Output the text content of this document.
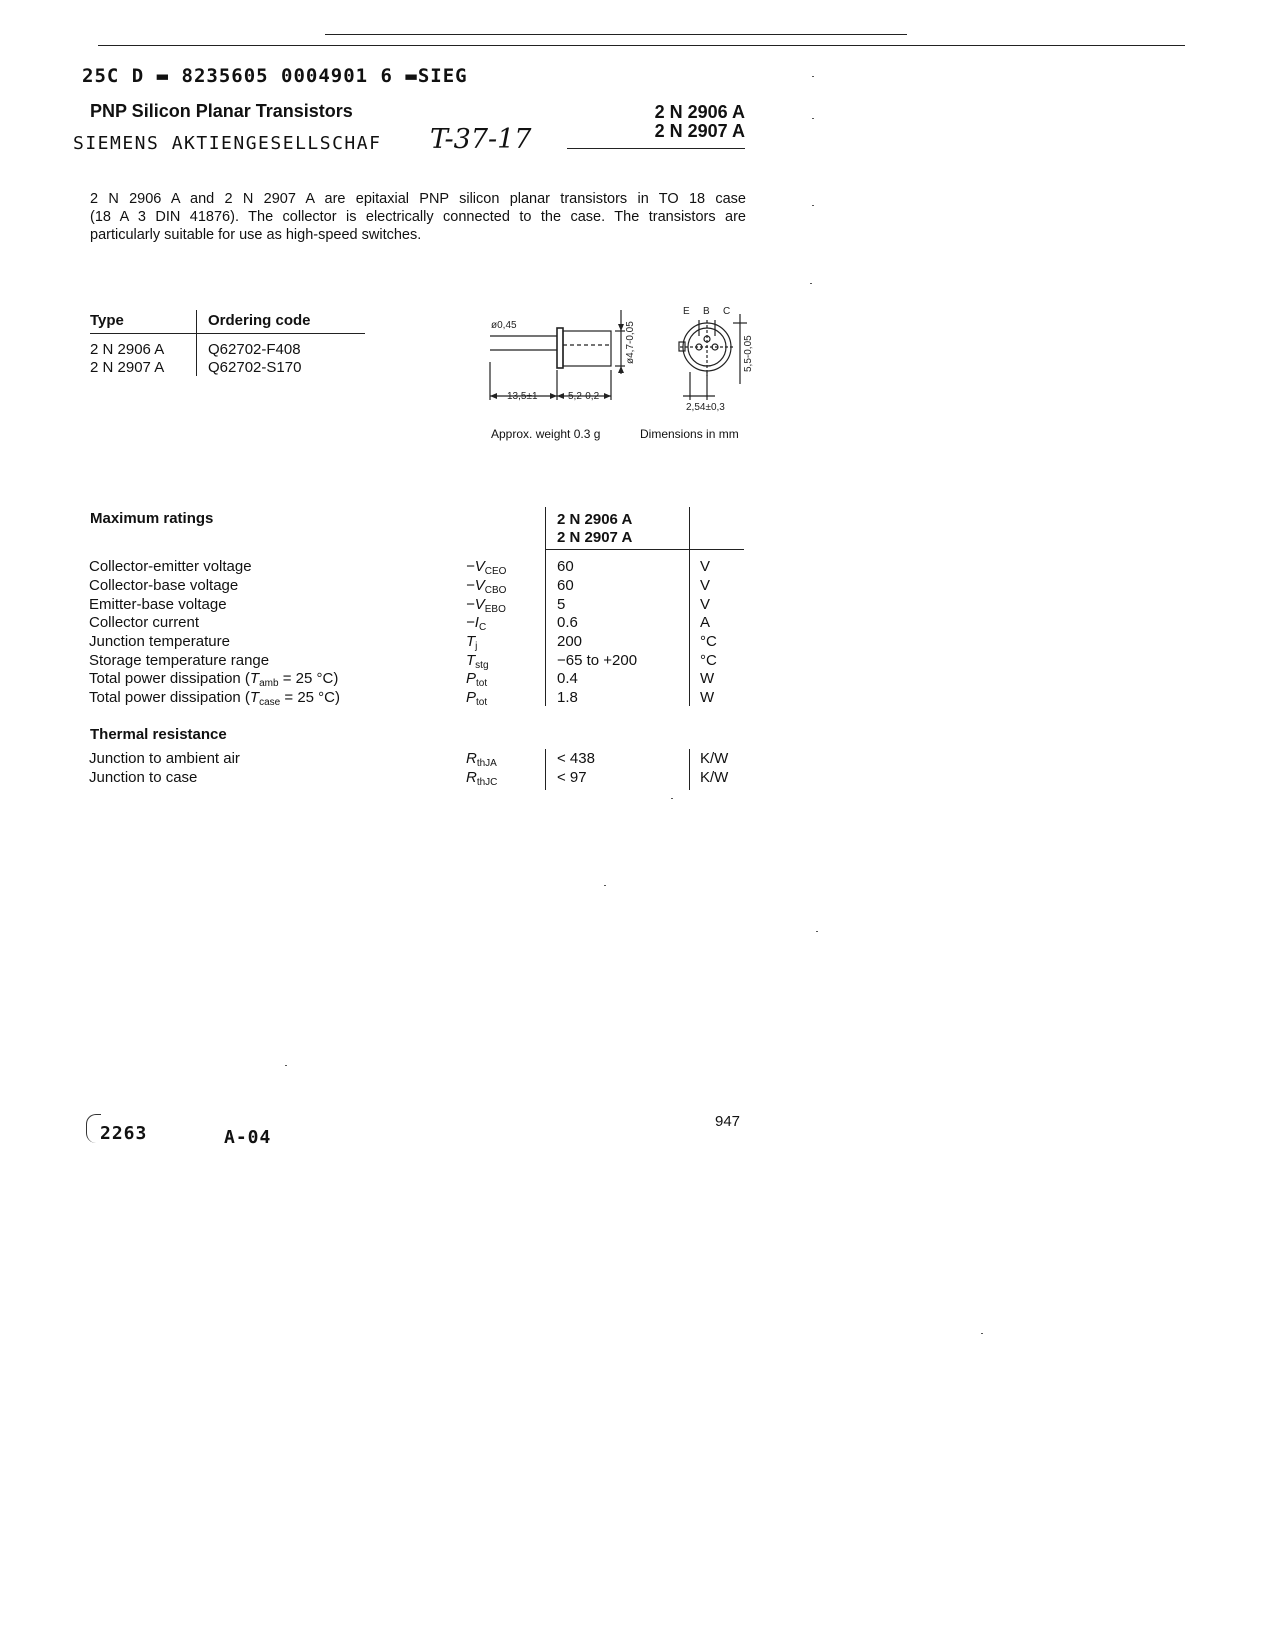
25C D ▬ 8235605 0004901 6 ▬SIEG
PNP Silicon Planar Transistors
SIEMENS AKTIENGESELLSCHAF T-37-17
2 N 2906 A
2 N 2907 A
2 N 2906 A and 2 N 2907 A are epitaxial PNP silicon planar transistors in TO 18 case
(18 A 3 DIN 41876). The collector is electrically connected to the case. The transistors are
particularly suitable for use as high-speed switches.
Type	Ordering code
2 N 2906 A	Q62702-F408
2 N 2907 A	Q62702-S170
ø0,45	ø4,7-0,05
13,5±1	5,2-0,2
E B C
5,5-0,05
2,54±0,3
Approx. weight 0.3 g	Dimensions in mm
Maximum ratings	2 N 2906 A
2 N 2907 A
Collector-emitter voltage	$-V_{CEO}$	60	V
Collector-base voltage	$-V_{CBO}$	60	V
Emitter-base voltage	$-V_{EBO}$	5	V
Collector current	$-I_C$	0.6	A
Junction temperature	$T_j$	200	°C
Storage temperature range	$T_{stg}$	−65 to +200	°C
Total power dissipation ($T_{amb} = 25$ °C)	$P_{tot}$	0.4	W
Total power dissipation ($T_{case} = 25$ °C)	$P_{tot}$	1.8	W
Thermal resistance
Junction to ambient air	$R_{thJA}$	< 438	K/W
Junction to case	$R_{thJC}$	< 97	K/W
2263	A-04
947
